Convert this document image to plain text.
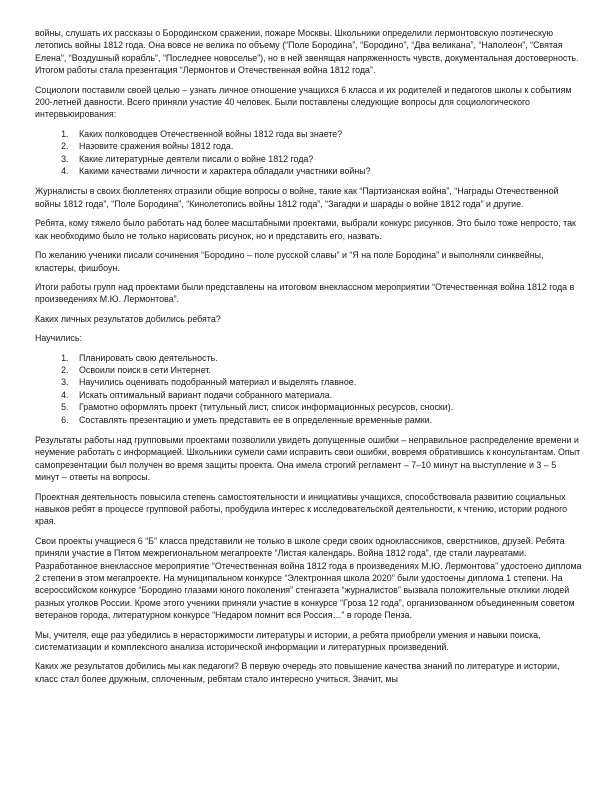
войны, слушать их рассказы о Бородинском сражении, пожаре Москвы. Школьники определили лермонтовскую поэтическую летопись войны 1812 года. Она вовсе не велика по объему (“Поле Бородина”, “Бородино”, “Два великана”, “Наполеон”, “Святая Елена”, “Воздушный корабль”, “Последнее новоселье”), но в ней звенящая напряженность чувств, документальная достоверность. Итогом работы стала презентация “Лермонтов и Отечественная война 1812 года”.

Социологи поставили своей целью – узнать личное отношение учащихся 6 класса и их родителей и педагогов школы к событиям 200-летней давности. Всего приняли участие 40 человек. Были поставлены следующие вопросы для социологического интервьюирования:

1. Каких полководцев Отечественной войны 1812 года вы знаете?
2. Назовите сражения войны 1812 года.
3. Какие литературные деятели писали о войне 1812 года?
4. Какими качествами личности и характера обладали участники войны?

Журналисты в своих бюллетенях отразили общие вопросы о войне, такие как “Партизанская война”, “Награды Отечественной войны 1812 года”, “Поле Бородина”, “Кинолетопись войны 1812 года”, “Загадки и шарады о войне 1812 года” и другие.

Ребята, кому тяжело было работать над более масштабными проектами, выбрали конкурс рисунков. Это было тоже непросто, так как необходимо было не только нарисовать рисунок, но и представить его, назвать.

По желанию ученики писали сочинения “Бородино – поле русской славы” и “Я на поле Бородина” и выполняли синквейны, кластеры, фишбоун.

Итоги работы групп над проектами были представлены на итоговом внеклассном мероприятии “Отечественная война 1812 года в произведениях М.Ю. Лермонтова”.

Каких личных результатов добились ребята?

Научились:

1. Планировать свою деятельность.
2. Освоили поиск в сети Интернет.
3. Научились оценивать подобранный материал и выделять главное.
4. Искать оптимальный вариант подачи собранного материала.
5. Грамотно оформлять проект (титульный лист, список информационных ресурсов, сноски).
6. Составлять презентацию и уметь представить ее в определенные временные рамки.

Результаты работы над групповыми проектами позволили увидеть допущенные ошибки – неправильное распределение времени и неумение работать с информацией. Школьники сумели сами исправить свои ошибки, вовремя обратившись к консультантам. Опыт самопрезентации был получен во время защиты проекта. Она имела строгий регламент – 7–10 минут на выступление и 3 – 5 минут – ответы на вопросы.

Проектная деятельность повысила степень самостоятельности и инициативы учащихся, способствовала развитию социальных навыков ребят в процессе групповой работы, пробудила интерес к исследовательской деятельности, к чтению, истории родного края.

Свои проекты учащиеся 6 “Б” класса представили не только в школе среди своих одноклассников, сверстников, друзей. Ребята приняли участие в Пятом межрегиональном мегапроекте “Листая календарь. Война 1812 года”, где стали лауреатами. Разработанное внеклассное мероприятие “Отечественная война 1812 года в произведениях М.Ю. Лермонтова” удостоено диплома 2 степени в этом мегапроекте. На муниципальном конкурсе “Электронная школа 2020” были удостоены диплома 1 степени. На всероссийском конкурсе “Бородино глазами юного поколения” стенгазета “журналистов” вызвала положительные отклики людей разных уголков России. Кроме этого ученики приняли участие в конкурсе “Гроза 12 года”, организованном объединенным советом ветеранов города, литературном конкурсе “Недаром помнит вся Россия…” в городе Пенза.

Мы, учителя, еще раз убедились в нерасторжимости литературы и истории, а ребята приобрели умения и навыки поиска, систематизации и комплексного анализа исторической информации и литературных произведений.

Каких же результатов добились мы как педагоги? В первую очередь это повышение качества знаний по литературе и истории, класс стал более дружным, сплоченным, ребятам стало интересно учиться. Значит, мы
